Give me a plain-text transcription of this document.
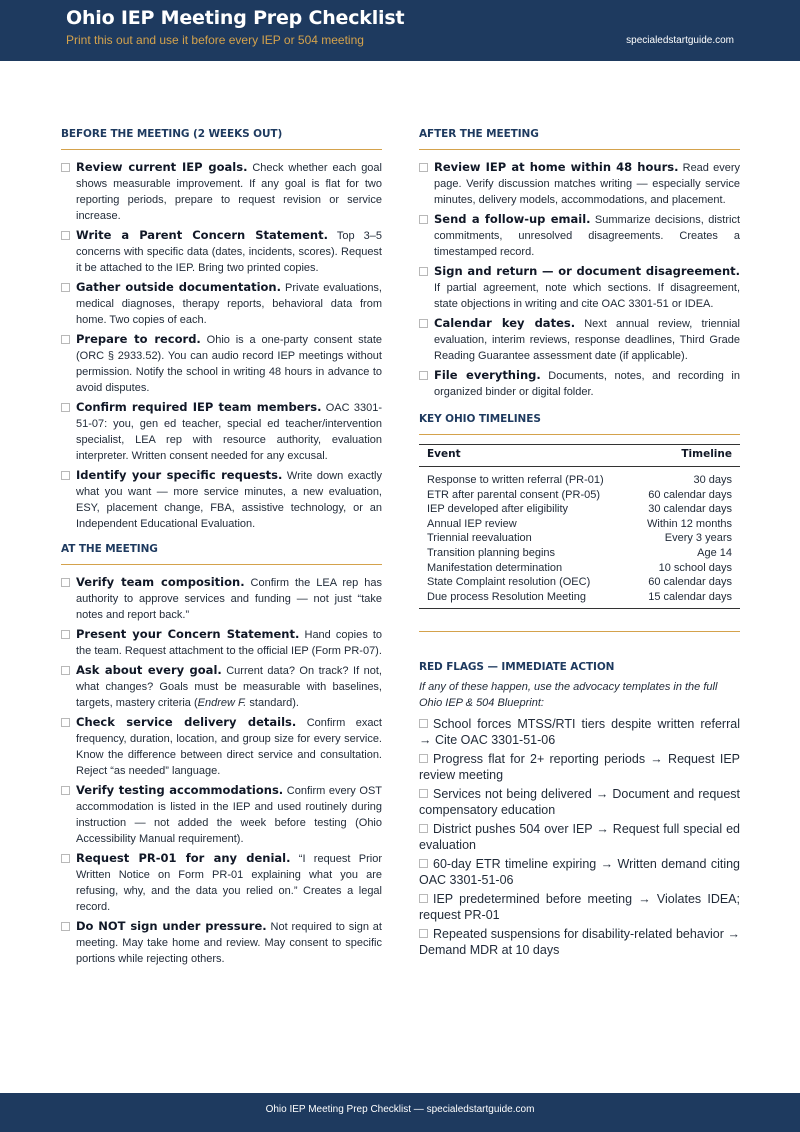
Ohio IEP Meeting Prep Checklist
Print this out and use it before every IEP or 504 meeting	specialedstartguide.com
BEFORE THE MEETING (2 WEEKS OUT)
Review current IEP goals. Check whether each goal shows measurable improvement. If any goal is flat for two reporting periods, prepare to request revision or service increase.
Write a Parent Concern Statement. Top 3–5 concerns with specific data (dates, incidents, scores). Request it be attached to the IEP. Bring two printed copies.
Gather outside documentation. Private evaluations, medical diagnoses, therapy reports, behavioral data from home. Two copies of each.
Prepare to record. Ohio is a one-party consent state (ORC § 2933.52). You can audio record IEP meetings without permission. Notify the school in writing 48 hours in advance to avoid disputes.
Confirm required IEP team members. OAC 3301-51-07: you, gen ed teacher, special ed teacher/intervention specialist, LEA rep with resource authority, evaluation interpreter. Written consent needed for any excusal.
Identify your specific requests. Write down exactly what you want — more service minutes, a new evaluation, ESY, placement change, FBA, assistive technology, or an Independent Educational Evaluation.
AT THE MEETING
Verify team composition. Confirm the LEA rep has authority to approve services and funding — not just “take notes and report back.”
Present your Concern Statement. Hand copies to the team. Request attachment to the official IEP (Form PR-07).
Ask about every goal. Current data? On track? If not, what changes? Goals must be measurable with baselines, targets, mastery criteria (Endrew F. standard).
Check service delivery details. Confirm exact frequency, duration, location, and group size for every service. Know the difference between direct service and consultation. Reject “as needed” language.
Verify testing accommodations. Confirm every OST accommodation is listed in the IEP and used routinely during instruction — not added the week before testing (Ohio Accessibility Manual requirement).
Request PR-01 for any denial. “I request Prior Written Notice on Form PR-01 explaining what you are refusing, why, and the data you relied on.” Creates a legal record.
Do NOT sign under pressure. Not required to sign at meeting. May take home and review. May consent to specific portions while rejecting others.
AFTER THE MEETING
Review IEP at home within 48 hours. Read every page. Verify discussion matches writing — especially service minutes, delivery models, accommodations, and placement.
Send a follow-up email. Summarize decisions, district commitments, unresolved disagreements. Creates a timestamped record.
Sign and return — or document disagreement. If partial agreement, note which sections. If disagreement, state objections in writing and cite OAC 3301-51 or IDEA.
Calendar key dates. Next annual review, triennial evaluation, interim reviews, response deadlines, Third Grade Reading Guarantee assessment date (if applicable).
File everything. Documents, notes, and recording in organized binder or digital folder.
KEY OHIO TIMELINES
Event	Timeline
Response to written referral (PR-01)	30 days
ETR after parental consent (PR-05)	60 calendar days
IEP developed after eligibility	30 calendar days
Annual IEP review	Within 12 months
Triennial reevaluation	Every 3 years
Transition planning begins	Age 14
Manifestation determination	10 school days
State Complaint resolution (OEC)	60 calendar days
Due process Resolution Meeting	15 calendar days
RED FLAGS — IMMEDIATE ACTION
If any of these happen, use the advocacy templates in the full Ohio IEP & 504 Blueprint:
School forces MTSS/RTI tiers despite written referral → Cite OAC 3301-51-06
Progress flat for 2+ reporting periods → Request IEP review meeting
Services not being delivered → Document and request compensatory education
District pushes 504 over IEP → Request full special ed evaluation
60-day ETR timeline expiring → Written demand citing OAC 3301-51-06
IEP predetermined before meeting → Violates IDEA; request PR-01
Repeated suspensions for disability-related behavior → Demand MDR at 10 days
Ohio IEP Meeting Prep Checklist — specialedstartguide.com
